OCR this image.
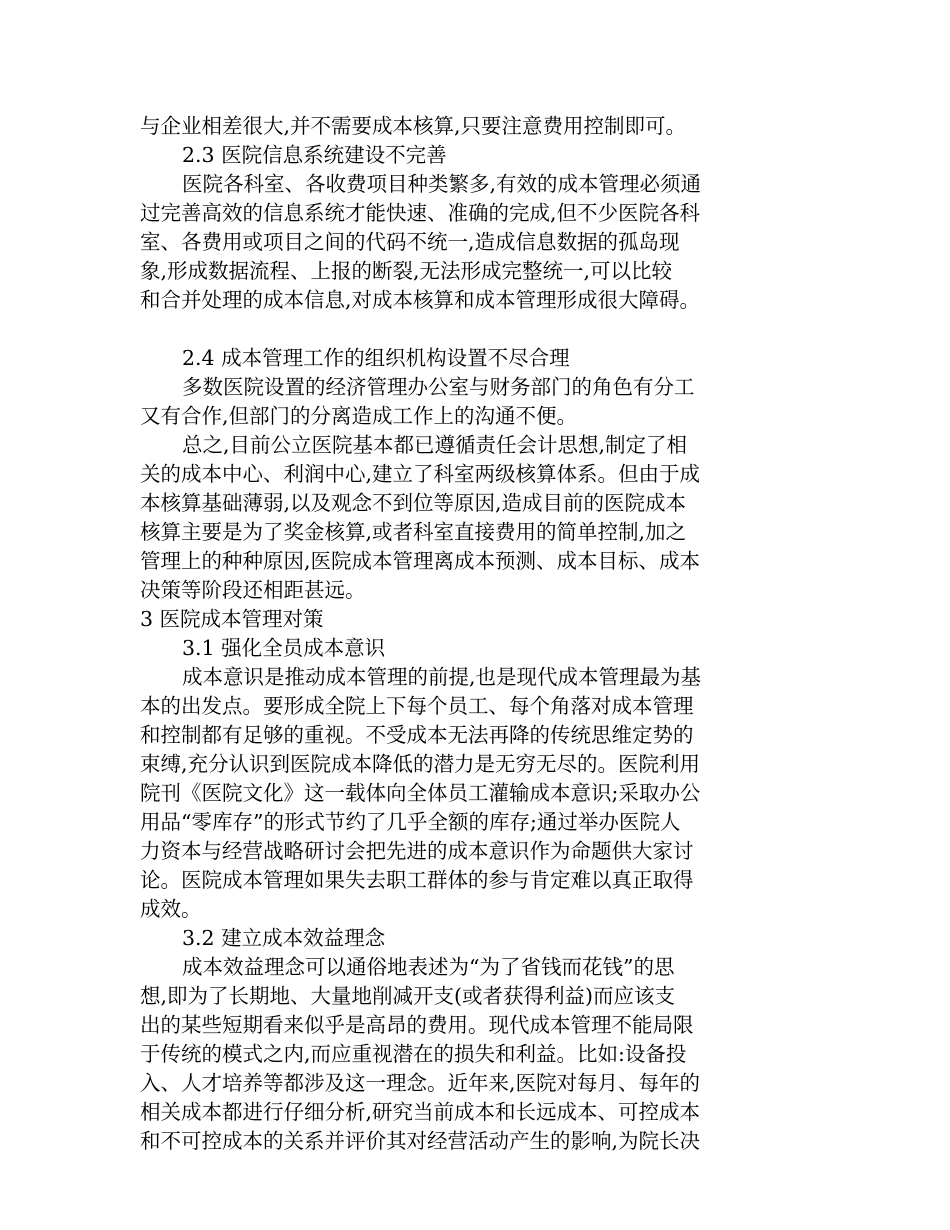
与企业相差很大,并不需要成本核算,只要注意费用控制即可。
2.3 医院信息系统建设不完善
医院各科室、各收费项目种类繁多,有效的成本管理必须通
过完善高效的信息系统才能快速、准确的完成,但不少医院各科
室、各费用或项目之间的代码不统一,造成信息数据的孤岛现
象,形成数据流程、上报的断裂,无法形成完整统一,可以比较
和合并处理的成本信息,对成本核算和成本管理形成很大障碍。
2.4 成本管理工作的组织机构设置不尽合理
多数医院设置的经济管理办公室与财务部门的角色有分工
又有合作,但部门的分离造成工作上的沟通不便。
总之,目前公立医院基本都已遵循责任会计思想,制定了相
关的成本中心、利润中心,建立了科室两级核算体系。但由于成
本核算基础薄弱,以及观念不到位等原因,造成目前的医院成本
核算主要是为了奖金核算,或者科室直接费用的简单控制,加之
管理上的种种原因,医院成本管理离成本预测、成本目标、成本
决策等阶段还相距甚远。
3 医院成本管理对策
3.1 强化全员成本意识
成本意识是推动成本管理的前提,也是现代成本管理最为基
本的出发点。要形成全院上下每个员工、每个角落对成本管理
和控制都有足够的重视。不受成本无法再降的传统思维定势的
束缚,充分认识到医院成本降低的潜力是无穷无尽的。医院利用
院刊《医院文化》这一载体向全体员工灌输成本意识;采取办公
用品“零库存”的形式节约了几乎全额的库存;通过举办医院人
力资本与经营战略研讨会把先进的成本意识作为命题供大家讨
论。医院成本管理如果失去职工群体的参与肯定难以真正取得
成效。
3.2 建立成本效益理念
成本效益理念可以通俗地表述为“为了省钱而花钱”的思
想,即为了长期地、大量地削减开支(或者获得利益)而应该支
出的某些短期看来似乎是高昂的费用。现代成本管理不能局限
于传统的模式之内,而应重视潜在的损失和利益。比如:设备投
入、人才培养等都涉及这一理念。近年来,医院对每月、每年的
相关成本都进行仔细分析,研究当前成本和长远成本、可控成本
和不可控成本的关系并评价其对经营活动产生的影响,为院长决
